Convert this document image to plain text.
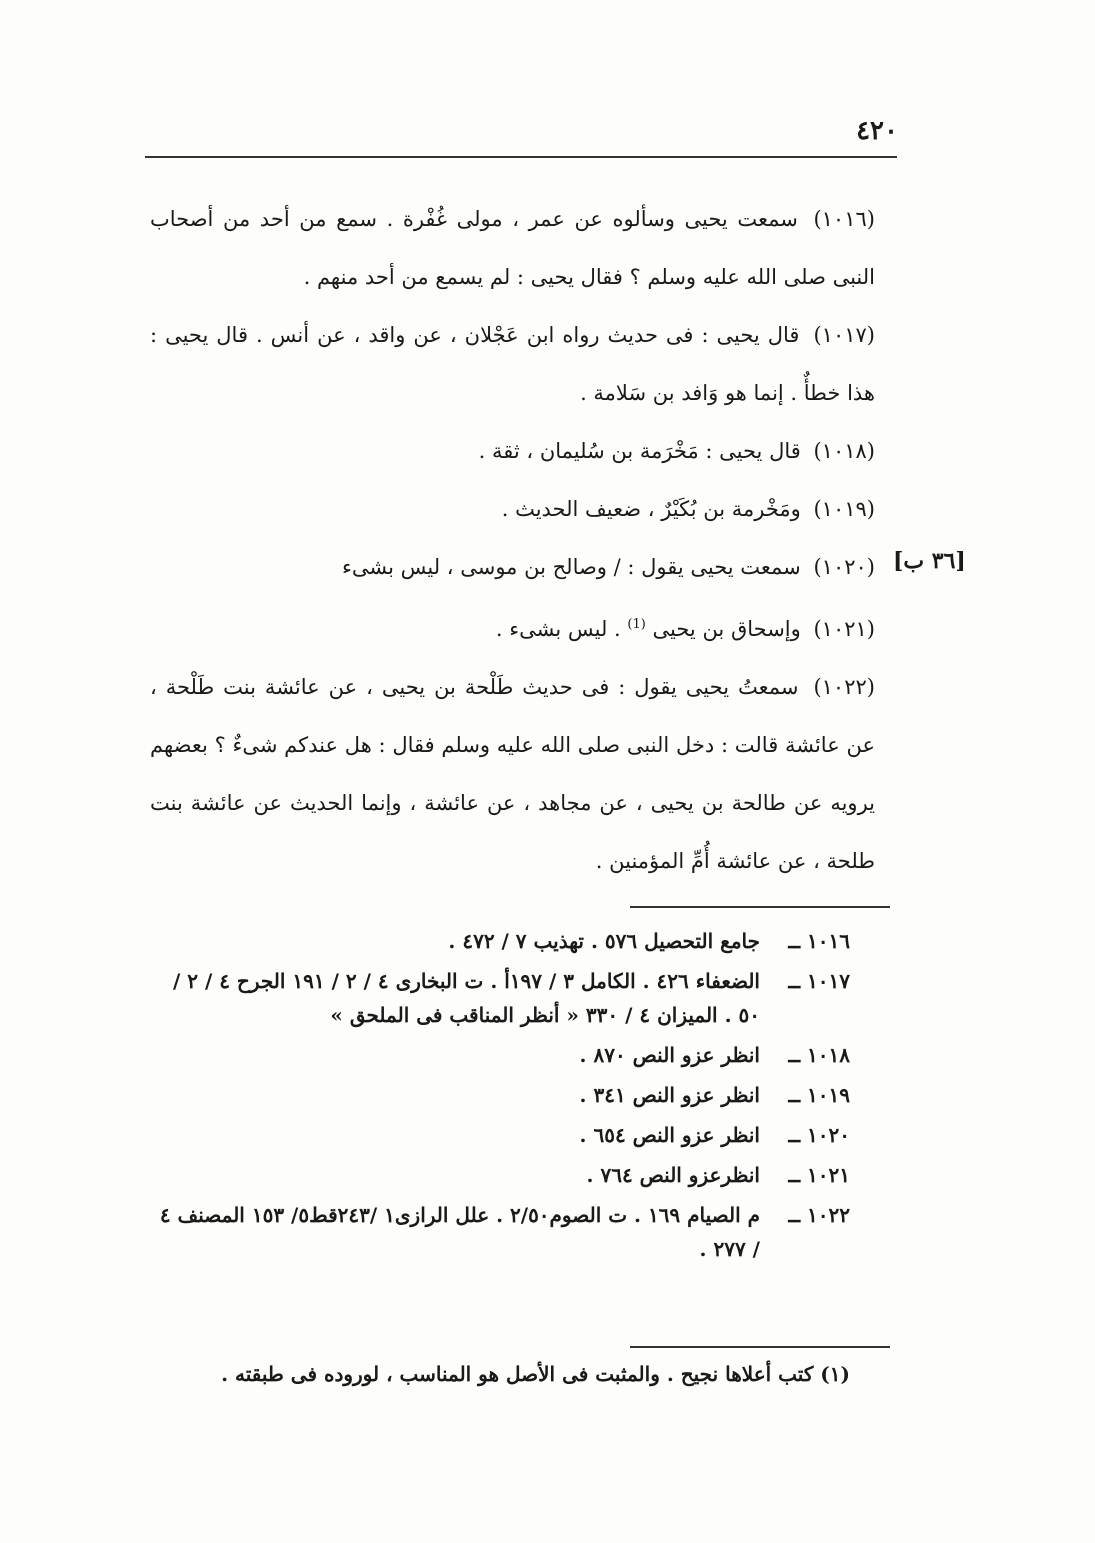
٤٢٠
[٣٦ ب]

(١٠١٦) سمعت يحيى وسألوه عن عمر ، مولى غُفْرة . سمع من أحد من أصحاب النبى صلى الله عليه وسلم ؟ فقال يحيى : لم يسمع من أحد منهم .

(١٠١٧) قال يحيى : فى حديث رواه ابن عَجْلان ، عن واقد ، عن أنس . قال يحيى : هذا خطأٌ . إنما هو وَافد بن سَلامة .

(١٠١٨) قال يحيى : مَخْرَمة بن سُليمان ، ثقة .

(١٠١٩) ومَخْرمة بن بُكَيْرٌ ، ضعيف الحديث .

(١٠٢٠) سمعت يحيى يقول : / وصالح بن موسى ، ليس بشىء

(١٠٢١) وإسحاق بن يحيى $^{(1)}$ . ليس بشىء .

(١٠٢٢) سمعتُ يحيى يقول : فى حديث طَلْحة بن يحيى ، عن عائشة بنت طَلْحة ، عن عائشة قالت : دخل النبى صلى الله عليه وسلم فقال : هل عندكم شىءٌ ؟ بعضهم يرويه عن طالحة بن يحيى ، عن مجاهد ، عن عائشة ، وإنما الحديث عن عائشة بنت طلحة ، عن عائشة أُمِّ المؤمنين .

١٠١٦ ــ
جامع التحصيل ٥٧٦ . تهذيب ٧ / ٤٧٢ .
١٠١٧ ــ
الضعفاء ٤٢٦ . الكامل ٣ / ١٩٧أ . ت البخارى ٤ / ٢ / ١٩١ الجرح ٤ / ٢ / ٥٠ . الميزان ٤ / ٣٣٠ « أنظر المناقب فى الملحق »
١٠١٨ ــ
انظر عزو النص ٨٧٠ .
١٠١٩ ــ
انظر عزو النص ٣٤١ .
١٠٢٠ ــ
انظر عزو النص ٦٥٤ .
١٠٢١ ــ
انظرعزو النص ٧٦٤ .
١٠٢٢ ــ
م الصيام ١٦٩ . ت الصوم٢/٥٠ . علل الرازى١ /٢٤٣قط٥/ ١٥٣ المصنف ٤ / ٢٧٧ .
(١) كتب أعلاها نجيح . والمثبت فى الأصل هو المناسب ، لوروده فى طبقته .
